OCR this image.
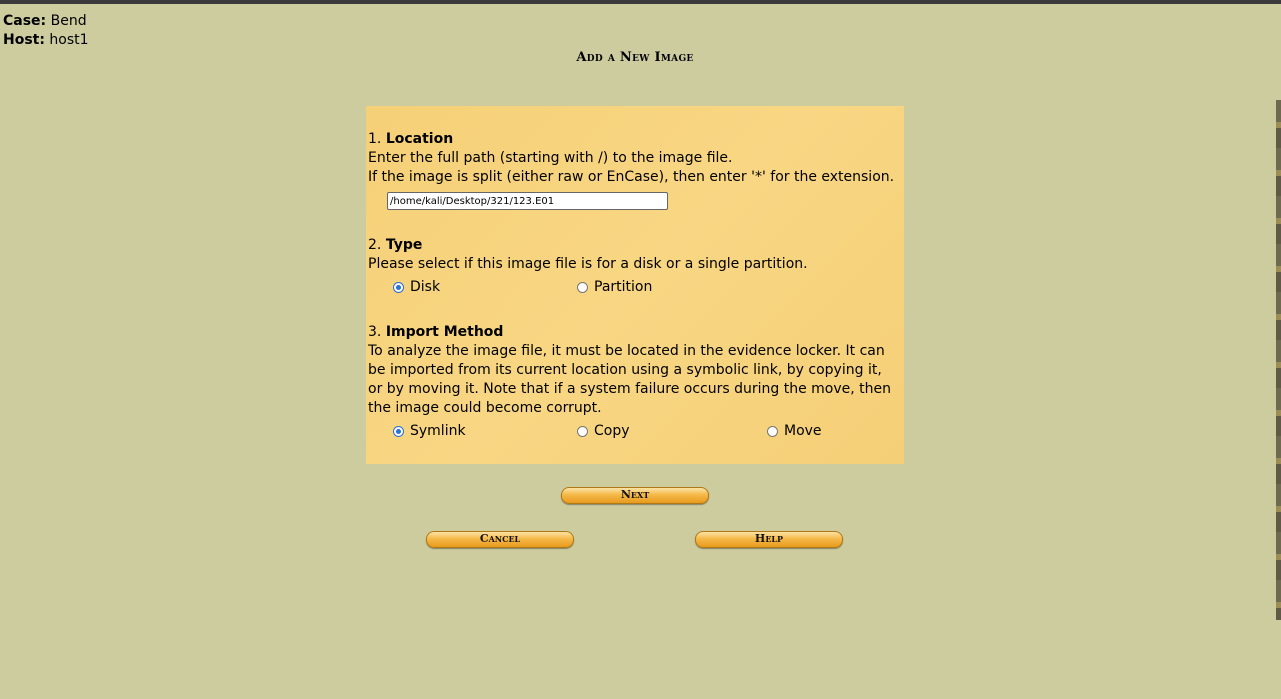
Case: Bend
Host: host1
Add a New Image
1. Location
Enter the full path (starting with /) to the image file.
If the image is split (either raw or EnCase), then enter '*' for the extension.
/home/kali/Desktop/321/123.E01
2. Type
Please select if this image file is for a disk or a single partition.
Disk	Partition
3. Import Method
To analyze the image file, it must be located in the evidence locker. It can
be imported from its current location using a symbolic link, by copying it,
or by moving it. Note that if a system failure occurs during the move, then
the image could become corrupt.
Symlink	Copy	Move
Next
Cancel	Help
